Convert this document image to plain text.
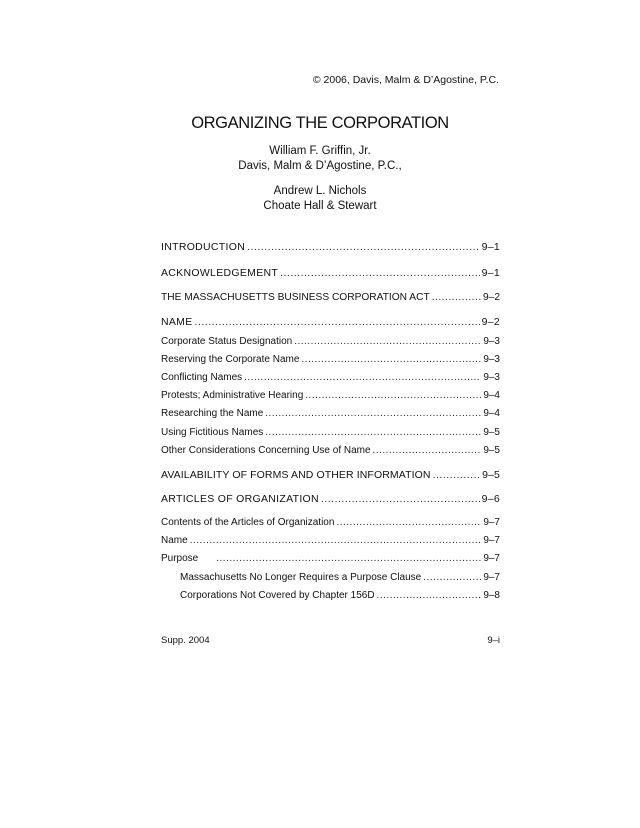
© 2006, Davis, Malm & D’Agostine, P.C.
ORGANIZING THE CORPORATION
William F. Griffin, Jr.
Davis, Malm & D’Agostine, P.C.,
Andrew L. Nichols
Choate Hall & Stewart
INTRODUCTION .....	9–1
ACKNOWLEDGEMENT .....	9–1
THE MASSACHUSETTS BUSINESS CORPORATION ACT .....	9–2
NAME .....	9–2
Corporate Status Designation .....	9–3
Reserving the Corporate Name .....	9–3
Conflicting Names .....	9–3
Protests; Administrative Hearing .....	9–4
Researching the Name .....	9–4
Using Fictitious Names .....	9–5
Other Considerations Concerning Use of Name .....	9–5
AVAILABILITY OF FORMS AND OTHER INFORMATION .....	9–5
ARTICLES OF ORGANIZATION .....	9–6
Contents of the Articles of Organization .....	9–7
Name .....	9–7
Purpose .....	9–7
Massachusetts No Longer Requires a Purpose Clause .....	9–7
Corporations Not Covered by Chapter 156D .....	9–8
Supp. 2004	9–i
